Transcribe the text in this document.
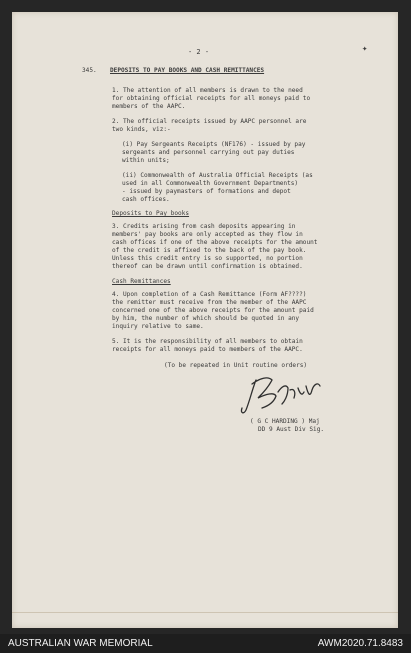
- 2 -	✦
345. DEPOSITS TO PAY BOOKS AND CASH REMITTANCES
1. The attention of all members is drawn to the need
for obtaining official receipts for all moneys paid to
members of the AAPC.
2. The official receipts issued by AAPC personnel are
two kinds, viz:-
(i) Pay Sergeants Receipts (NF176) - issued by pay
sergeants and personnel carrying out pay duties
within units;
(ii) Commonwealth of Australia Official Receipts (as
used in all Commonwealth Government Departments)
- issued by paymasters of formations and depot
cash offices.
Deposits to Pay books
3. Credits arising from cash deposits appearing in
members' pay books are only accepted as they flow in
cash offices if one of the above receipts for the amount
of the credit is affixed to the back of the pay book.
Unless this credit entry is so supported, no portion
thereof can be drawn until confirmation is obtained.
Cash Remittances
4. Upon completion of a Cash Remittance (Form AF????)
the remitter must receive from the member of the AAPC
concerned one of the above receipts for the amount paid
by him, the number of which should be quoted in any
inquiry relative to same.
5. It is the responsibility of all members to obtain
receipts for all moneys paid to members of the AAPC.
(To be repeated in Unit routine orders)
( G C HARDING ) Maj
DD 9 Aust Div Sig.
AUSTRALIAN WAR MEMORIAL	AWM2020.71.8483
